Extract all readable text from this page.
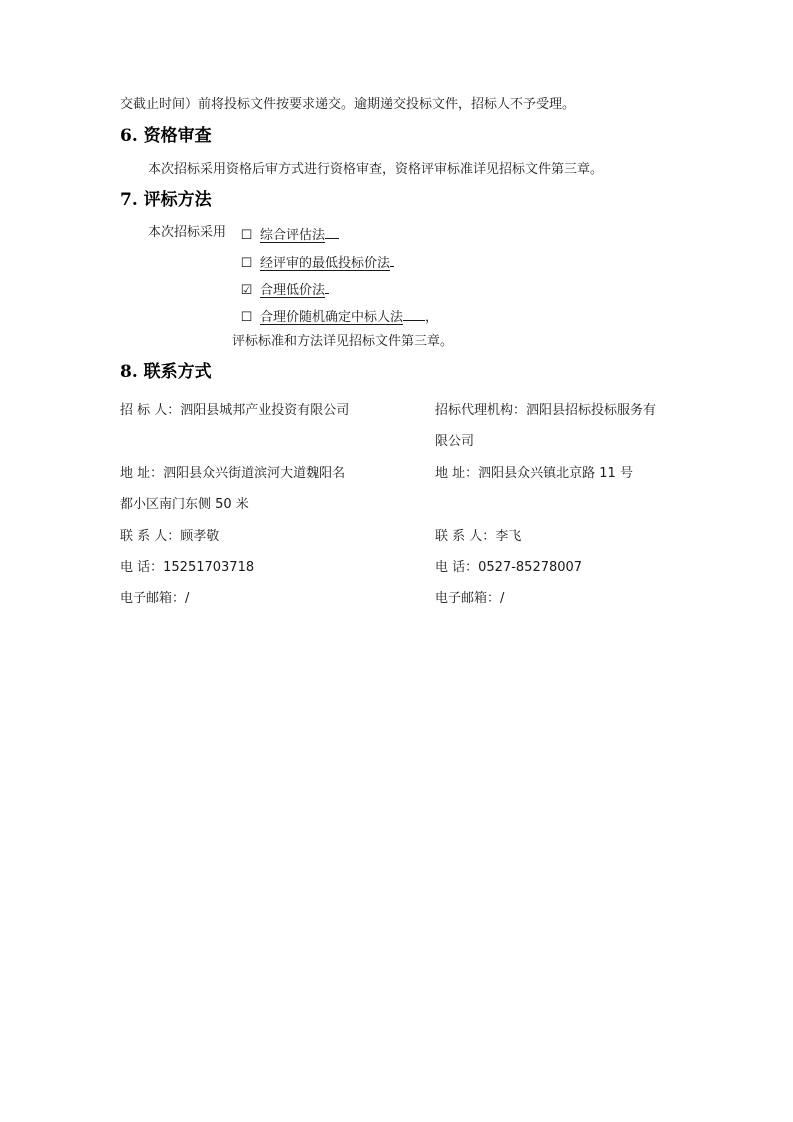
交截止时间）前将投标文件按要求递交。逾期递交投标文件，招标人不予受理。
6. 资格审查
本次招标采用资格后审方式进行资格审查，资格评审标准详见招标文件第三章。
7. 评标方法
本次招标采用 ☐ 综合评估法
☐ 经评审的最低投标价法
☑ 合理低价法
☐ 合理价随机确定中标人法 ，
评标标准和方法详见招标文件第三章。
8. 联系方式
招 标 人：泗阳县城邦产业投资有限公司
地 址：泗阳县众兴街道滨河大道魏阳名
都小区南门东侧 50 米
联 系 人：顾孝敬
电 话：15251703718
电子邮箱：/
招标代理机构：泗阳县招标投标服务有
限公司
地 址：泗阳县众兴镇北京路 11 号
联 系 人：李飞
电 话：0527-85278007
电子邮箱：/
